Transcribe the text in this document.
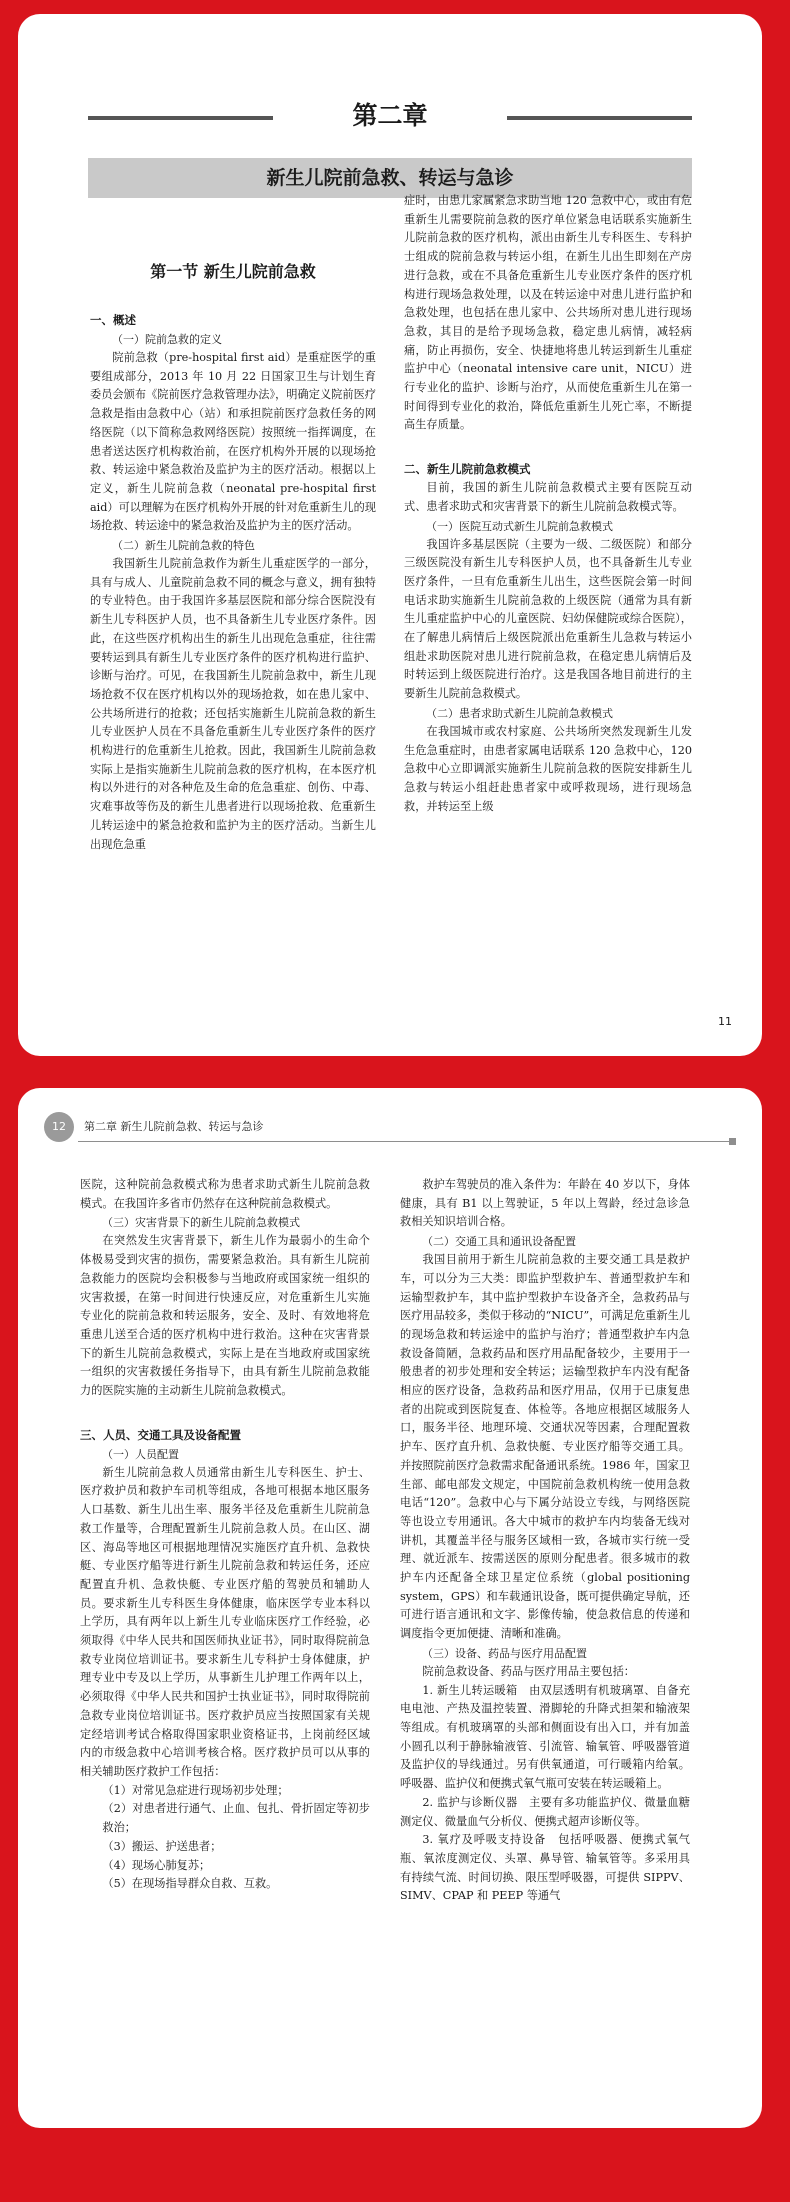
第二章
新生儿院前急救、转运与急诊
第一节 新生儿院前急救
一、概述
（一）院前急救的定义

院前急救（pre-hospital first aid）是重症医学的重要组成部分，2013 年 10 月 22 日国家卫生与计划生育委员会颁布《院前医疗急救管理办法》，明确定义院前医疗急救是指由急救中心（站）和承担院前医疗急救任务的网络医院（以下简称急救网络医院）按照统一指挥调度，在患者送达医疗机构救治前，在医疗机构外开展的以现场抢救、转运途中紧急救治及监护为主的医疗活动。根据以上定义，新生儿院前急救（neonatal pre-hospital first aid）可以理解为在医疗机构外开展的针对危重新生儿的现场抢救、转运途中的紧急救治及监护为主的医疗活动。

（二）新生儿院前急救的特色

我国新生儿院前急救作为新生儿重症医学的一部分，具有与成人、儿童院前急救不同的概念与意义，拥有独特的专业特色。由于我国许多基层医院和部分综合医院没有新生儿专科医护人员，也不具备新生儿专业医疗条件。因此，在这些医疗机构出生的新生儿出现危急重症，往往需要转运到具有新生儿专业医疗条件的医疗机构进行监护、诊断与治疗。可见，在我国新生儿院前急救中，新生儿现场抢救不仅在医疗机构以外的现场抢救，如在患儿家中、公共场所进行的抢救；还包括实施新生儿院前急救的新生儿专业医护人员在不具备危重新生儿专业医疗条件的医疗机构进行的危重新生儿抢救。因此，我国新生儿院前急救实际上是指实施新生儿院前急救的医疗机构，在本医疗机构以外进行的对各种危及生命的危急重症、创伤、中毒、灾难事故等伤及的新生儿患者进行以现场抢救、危重新生儿转运途中的紧急抢救和监护为主的医疗活动。当新生儿出现危急重

症时，由患儿家属紧急求助当地 120 急救中心，或由有危重新生儿需要院前急救的医疗单位紧急电话联系实施新生儿院前急救的医疗机构，派出由新生儿专科医生、专科护士组成的院前急救与转运小组，在新生儿出生即刻在产房进行急救，或在不具备危重新生儿专业医疗条件的医疗机构进行现场急救处理，以及在转运途中对患儿进行监护和急救处理，也包括在患儿家中、公共场所对患儿进行现场急救，其目的是给予现场急救，稳定患儿病情，减轻病痛，防止再损伤，安全、快捷地将患儿转运到新生儿重症监护中心（neonatal intensive care unit，NICU）进行专业化的监护、诊断与治疗，从而使危重新生儿在第一时间得到专业化的救治，降低危重新生儿死亡率，不断提高生存质量。

二、新生儿院前急救模式

目前，我国的新生儿院前急救模式主要有医院互动式、患者求助式和灾害背景下的新生儿院前急救模式等。

（一）医院互动式新生儿院前急救模式

我国许多基层医院（主要为一级、二级医院）和部分三级医院没有新生儿专科医护人员，也不具备新生儿专业医疗条件，一旦有危重新生儿出生，这些医院会第一时间电话求助实施新生儿院前急救的上级医院（通常为具有新生儿重症监护中心的儿童医院、妇幼保健院或综合医院），在了解患儿病情后上级医院派出危重新生儿急救与转运小组赴求助医院对患儿进行院前急救，在稳定患儿病情后及时转运到上级医院进行治疗。这是我国各地目前进行的主要新生儿院前急救模式。

（二）患者求助式新生儿院前急救模式

在我国城市或农村家庭、公共场所突然发现新生儿发生危急重症时，由患者家属电话联系 120 急救中心，120 急救中心立即调派实施新生儿院前急救的医院安排新生儿急救与转运小组赶赴患者家中或呼救现场，进行现场急救，并转运至上级

11
12	第二章 新生儿院前急救、转运与急诊

医院，这种院前急救模式称为患者求助式新生儿院前急救模式。在我国许多省市仍然存在这种院前急救模式。

（三）灾害背景下的新生儿院前急救模式

在突然发生灾害背景下，新生儿作为最弱小的生命个体极易受到灾害的损伤，需要紧急救治。具有新生儿院前急救能力的医院均会积极参与当地政府或国家统一组织的灾害救援，在第一时间进行快速反应，对危重新生儿实施专业化的院前急救和转运服务，安全、及时、有效地将危重患儿送至合适的医疗机构中进行救治。这种在灾害背景下的新生儿院前急救模式，实际上是在当地政府或国家统一组织的灾害救援任务指导下，由具有新生儿院前急救能力的医院实施的主动新生儿院前急救模式。

三、人员、交通工具及设备配置
（一）人员配置

新生儿院前急救人员通常由新生儿专科医生、护士、医疗救护员和救护车司机等组成，各地可根据本地区服务人口基数、新生儿出生率、服务半径及危重新生儿院前急救工作量等，合理配置新生儿院前急救人员。在山区、湖区、海岛等地区可根据地理情况实施医疗直升机、急救快艇、专业医疗船等进行新生儿院前急救和转运任务，还应配置直升机、急救快艇、专业医疗船的驾驶员和辅助人员。要求新生儿专科医生身体健康，临床医学专业本科以上学历，具有两年以上新生儿专业临床医疗工作经验，必须取得《中华人民共和国医师执业证书》，同时取得院前急救专业岗位培训证书。要求新生儿专科护士身体健康，护理专业中专及以上学历，从事新生儿护理工作两年以上，必须取得《中华人民共和国护士执业证书》，同时取得院前急救专业岗位培训证书。医疗救护员应当按照国家有关规定经培训考试合格取得国家职业资格证书，上岗前经区域内的市级急救中心培训考核合格。医疗救护员可以从事的相关辅助医疗救护工作包括：

（1）对常见急症进行现场初步处理；
（2）对患者进行通气、止血、包扎、骨折固定等初步救治；
（3）搬运、护送患者；
（4）现场心肺复苏；
（5）在现场指导群众自救、互救。

救护车驾驶员的准入条件为：年龄在 40 岁以下，身体健康，具有 B1 以上驾驶证，5 年以上驾龄，经过急诊急救相关知识培训合格。

（二）交通工具和通讯设备配置

我国目前用于新生儿院前急救的主要交通工具是救护车，可以分为三大类：即监护型救护车、普通型救护车和运输型救护车，其中监护型救护车设备齐全，急救药品与医疗用品较多，类似于移动的“NICU”，可满足危重新生儿的现场急救和转运途中的监护与治疗；普通型救护车内急救设备简陋，急救药品和医疗用品配备较少，主要用于一般患者的初步处理和安全转运；运输型救护车内没有配备相应的医疗设备，急救药品和医疗用品，仅用于已康复患者的出院或到医院复查、体检等。各地应根据区域服务人口，服务半径、地理环境、交通状况等因素，合理配置救护车、医疗直升机、急救快艇、专业医疗船等交通工具。并按照院前医疗急救需求配备通讯系统。1986 年，国家卫生部、邮电部发文规定，中国院前急救机构统一使用急救电话“120”。急救中心与下属分站设立专线，与网络医院等也设立专用通讯。各大中城市的救护车内均装备无线对讲机，其覆盖半径与服务区域相一致，各城市实行统一受理、就近派车、按需送医的原则分配患者。很多城市的救护车内还配备全球卫星定位系统（global positioning system，GPS）和车载通讯设备，既可提供确定导航，还可进行语言通讯和文字、影像传输，使急救信息的传递和调度指令更加便捷、清晰和准确。

（三）设备、药品与医疗用品配置

院前急救设备、药品与医疗用品主要包括：

1. 新生儿转运暖箱　由双层透明有机玻璃罩、自备充电电池、产热及温控装置、滑脚轮的升降式担架和输液架等组成。有机玻璃罩的头部和侧面设有出入口，并有加盖小圆孔以利于静脉输液管、引流管、输氧管、呼吸器管道及监护仪的导线通过。另有供氧通道，可行暖箱内给氧。呼吸器、监护仪和便携式氧气瓶可安装在转运暖箱上。

2. 监护与诊断仪器　主要有多功能监护仪、微量血糖测定仪、微量血气分析仪、便携式超声诊断仪等。

3. 氧疗及呼吸支持设备　包括呼吸器、便携式氧气瓶、氧浓度测定仪、头罩、鼻导管、输氧管等。多采用具有持续气流、时间切换、限压型呼吸器，可提供 SIPPV、SIMV、CPAP 和 PEEP 等通气
